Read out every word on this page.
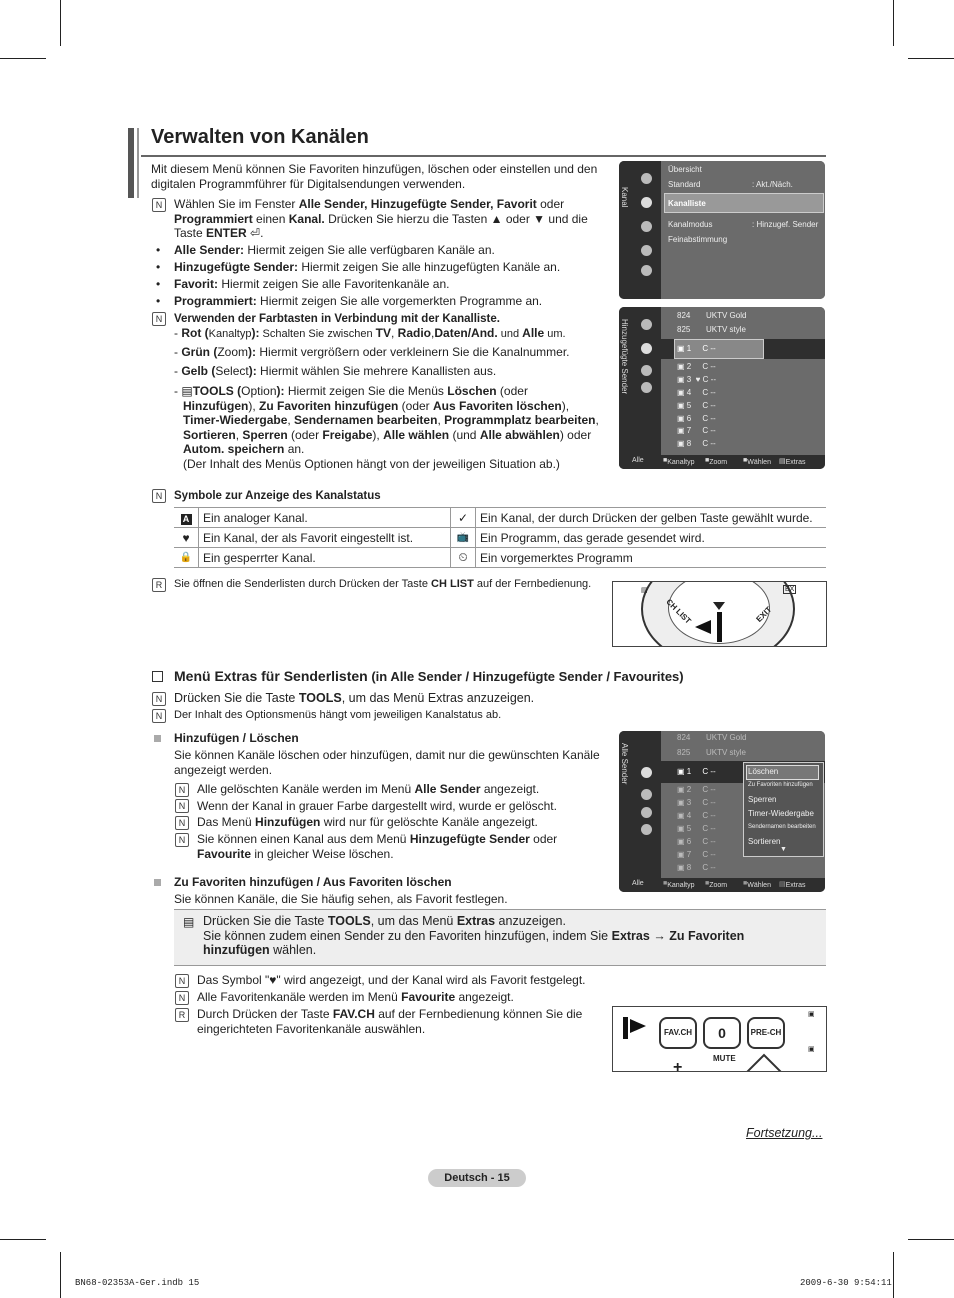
Verwalten von Kanälen
Mit diesem Menü können Sie Favoriten hinzufügen, löschen oder einstellen und den
digitalen Programmführer für Digitalsendungen verwenden.
N Wählen Sie im Fenster Alle Sender, Hinzugefügte Sender, Favorit oder
Programmiert einen Kanal. Drücken Sie hierzu die Tasten ▲ oder ▼ und die
Taste ENTER ⏎.
• Alle Sender: Hiermit zeigen Sie alle verfügbaren Kanäle an.
• Hinzugefügte Sender: Hiermit zeigen Sie alle hinzugefügten Kanäle an.
• Favorit: Hiermit zeigen Sie alle Favoritenkanäle an.
• Programmiert: Hiermit zeigen Sie alle vorgemerkten Programme an.
N	Verwenden der Farbtasten in Verbindung mit der Kanalliste.
- Rot (Kanaltyp): Schalten Sie zwischen TV, Radio,Daten/And. und Alle um.
- Grün (Zoom): Hiermit vergrößern oder verkleinern Sie die Kanalnummer.
- Gelb (Select): Hiermit wählen Sie mehrere Kanallisten aus.
- ▤TOOLS (Option): Hiermit zeigen Sie die Menüs Löschen (oder
Hinzufügen), Zu Favoriten hinzufügen (oder Aus Favoriten löschen),
Timer-Wiedergabe, Sendernamen bearbeiten, Programmplatz bearbeiten,
Sortieren, Sperren (oder Freigabe), Alle wählen (und Alle abwählen) oder
Autom. speichern an.
(Der Inhalt des Menüs Optionen hängt von der jeweiligen Situation ab.)
Kanal
Übersicht
Standard	: Akt./Näch.
Kanalliste
Kanalmodus	: Hinzugef. Sender
Feinabstimmung
Hinzugefügte Sender
824 UKTV Gold
825 UKTV style
▣ 1 C --
▣ 2 C --
▣ 3  ♥ C --
▣ 4 C --
▣ 5 C --
▣ 6 C --
▣ 7 C --
▣ 8 C --
Alle	■ Kanaltyp ■ Zoom ■ Wählen ▤ Extras
N	Symbole zur Anzeige des Kanalstatus
A	Ein analoger Kanal.	✓	Ein Kanal, der durch Drücken der gelben Taste gewählt wurde.
♥	Ein Kanal, der als Favorit eingestellt ist.	📺	Ein Programm, das gerade gesendet wird.
🔒	Ein gesperrter Kanal.	⏲	Ein vorgemerktes Programm
R	Sie öffnen die Senderlisten durch Drücken der Taste CH LIST auf der Fernbedienung.
CH LIST	EXIT
▤	EX
Menü Extras für Senderlisten (in Alle Sender / Hinzugefügte Sender / Favourites)
N Drücken Sie die Taste TOOLS, um das Menü Extras anzuzeigen.
N	Der Inhalt des Optionsmenüs hängt vom jeweiligen Kanalstatus ab.
Hinzufügen / Löschen
Sie können Kanäle löschen oder hinzufügen, damit nur die gewünschten Kanäle
angezeigt werden.
N Alle gelöschten Kanäle werden im Menü Alle Sender angezeigt.
N Wenn der Kanal in grauer Farbe dargestellt wird, wurde er gelöscht.
N Das Menü Hinzufügen wird nur für gelöschte Kanäle angezeigt.
N Sie können einen Kanal aus dem Menü Hinzugefügte Sender oder
Favourite in gleicher Weise löschen.
Alle Sender
824 UKTV Gold
825 UKTV style
▣ 1 C --
▣ 2 C --
▣ 3 C --
▣ 4 C --
▣ 5 C --
▣ 6 C --
▣ 7 C --
▣ 8 C --
Löschen
Zu Favoriten hinzufügen
Sperren
Timer-Wiedergabe
Sendernamen bearbeiten
Sortieren
▼
Alle	■ Kanaltyp ■ Zoom ■ Wählen ▤ Extras
Zu Favoriten hinzufügen / Aus Favoriten löschen
Sie können Kanäle, die Sie häufig sehen, als Favorit festlegen.
▤ Drücken Sie die Taste TOOLS, um das Menü Extras anzuzeigen.
Sie können zudem einen Sender zu den Favoriten hinzufügen, indem Sie Extras → Zu Favoriten
hinzufügen wählen.
N Das Symbol "♥" wird angezeigt, und der Kanal wird als Favorit festgelegt.
N Alle Favoritenkanäle werden im Menü Favourite angezeigt.
R Durch Drücken der Taste FAV.CH auf der Fernbedienung können Sie die
eingerichteten Favoritenkanäle auswählen.	FAV.CH	0	PRE-CH
MUTE
+
▣
▣
Fortsetzung...
Deutsch - 15
BN68-02353A-Ger.indb 15	2009-6-30 9:54:11
